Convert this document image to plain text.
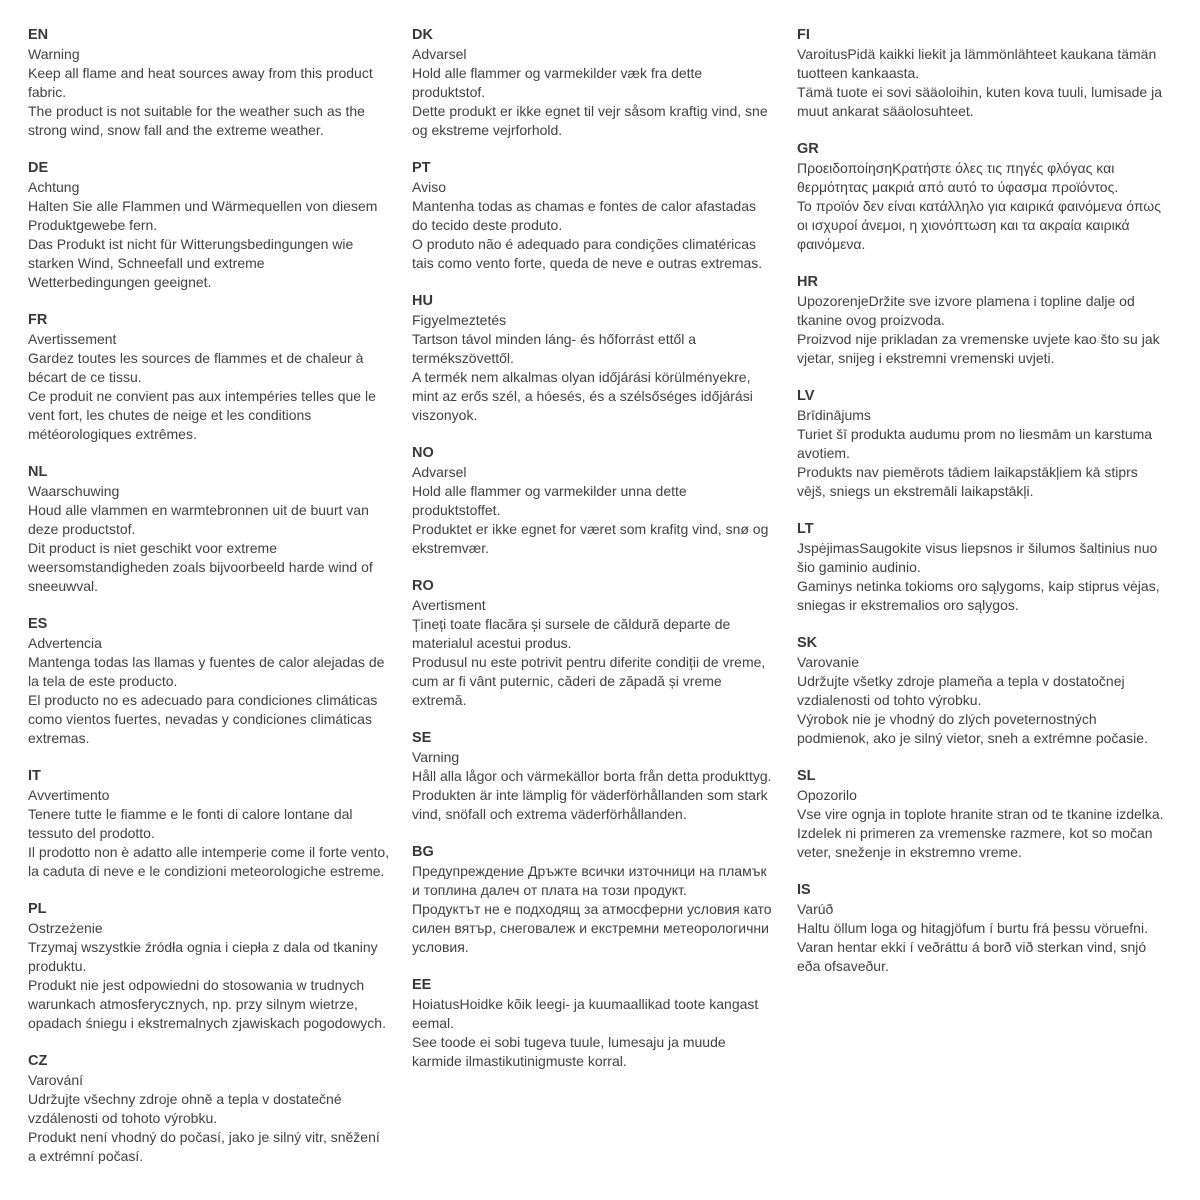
EN
Warning
Keep all flame and heat sources away from this product fabric.
The product is not suitable for the weather such as the strong wind, snow fall and the extreme weather.
DE
Achtung
Halten Sie alle Flammen und Wärmequellen von diesem Produktgewebe fern.
Das Produkt ist nicht für Witterungsbedingungen wie starken Wind, Schneefall und extreme Wetterbedingungen geeignet.
FR
Avertissement
Gardez toutes les sources de flammes et de chaleur à bécart de ce tissu.
Ce produit ne convient pas aux intempéries telles que le vent fort, les chutes de neige et les conditions météorologiques extrêmes.
NL
Waarschuwing
Houd alle vlammen en warmtebronnen uit de buurt van deze productstof.
Dit product is niet geschikt voor extreme weersomstandigheden zoals bijvoorbeeld harde wind of sneeuwval.
ES
Advertencia
Mantenga todas las llamas y fuentes de calor alejadas de la tela de este producto.
El producto no es adecuado para condiciones climáticas como vientos fuertes, nevadas y condiciones climáticas extremas.
IT
Avvertimento
Tenere tutte le fiamme e le fonti di calore lontane dal tessuto del prodotto.
Il prodotto non è adatto alle intemperie come il forte vento, la caduta di neve e le condizioni meteorologiche estreme.
PL
Ostrzeżenie
Trzymaj wszystkie źródła ognia i ciepła z dala od tkaniny produktu.
Produkt nie jest odpowiedni do stosowania w trudnych warunkach atmosferycznych, np. przy silnym wietrze, opadach śniegu i ekstremalnych zjawiskach pogodowych.
CZ
Varování
Udržujte všechny zdroje ohně a tepla v dostatečné vzdálenosti od tohoto výrobku.
Produkt není vhodný do počasí, jako je silný vitr, sněžení a extrémní počasí.
DK
Advarsel
Hold alle flammer og varmekilder væk fra dette produktstof.
Dette produkt er ikke egnet til vejr såsom kraftig vind, sne og ekstreme vejrforhold.
PT
Aviso
Mantenha todas as chamas e fontes de calor afastadas do tecido deste produto.
O produto não é adequado para condições climatéricas tais como vento forte, queda de neve e outras extremas.
HU
Figyelmeztetés
Tartson távol minden láng- és hőforrást ettől a termékszövettől.
A termék nem alkalmas olyan időjárási körülményekre, mint az erős szél, a hóesés, és a szélsőséges időjárási viszonyok.
NO
Advarsel
Hold alle flammer og varmekilder unna dette produktstoffet.
Produktet er ikke egnet for været som krafitg vind, snø og ekstremvær.
RO
Avertisment
Țineți toate flacăra și sursele de căldură departe de materialul acestui produs.
Produsul nu este potrivit pentru diferite condiții de vreme, cum ar fi vânt puternic, căderi de zăpadă și vreme extremă.
SE
Varning
Håll alla lågor och värmekällor borta från detta produkttyg.
Produkten är inte lämplig för väderförhållanden som stark vind, snöfall och extrema väderförhållanden.
BG
Предупреждение Дръжте всички източници на пламък и топлина далеч от плата на този продукт.
Продуктът не е подходящ за атмосферни условия като силен вятър, снеговалеж и екстремни метеорологични условия.
EE
HoiatusHoidke kõik leegi- ja kuumaallikad toote kangast eemal.
See toode ei sobi tugeva tuule, lumesaju ja muude karmide ilmastikutinigmuste korral.
FI
VaroitusPidä kaikki liekit ja lämmönlähteet kaukana tämän tuotteen kankaasta.
Tämä tuote ei sovi sääoloihin, kuten kova tuuli, lumisade ja muut ankarat sääolosuhteet.
GR
ΠροειδοποίησηΚρατήστε όλες τις πηγές φλόγας και θερμότητας μακριά από αυτό το ύφασμα προϊόντος.
Το προϊόν δεν είναι κατάλληλο για καιρικά φαινόμενα όπως οι ισχυροί άνεμοι, η χιονόπτωση και τα ακραία καιρικά φαινόμενα.
HR
UpozorenjeDržite sve izvore plamena i topline dalje od tkanine ovog proizvoda.
Proizvod nije prikladan za vremenske uvjete kao što su jak vjetar, snijeg i ekstremni vremenski uvjeti.
LV
Brīdinājums
Turiet šī produkta audumu prom no liesmām un karstuma avotiem.
Produkts nav piemērots tādiem laikapstākļiem kā stiprs vējš, sniegs un ekstremāli laikapstākļi.
LT
JspėjimasSaugokite visus liepsnos ir šilumos šaltinius nuo šio gaminio audinio.
Gaminys netinka tokioms oro sąlygoms, kaip stiprus vėjas, sniegas ir ekstremalios oro sąlygos.
SK
Varovanie
Udržujte všetky zdroje plameňa a tepla v dostatočnej vzdialenosti od tohto výrobku.
Výrobok nie je vhodný do zlých poveternostných podmienok, ako je silný vietor, sneh a extrémne počasie.
SL
Opozorilo
Vse vire ognja in toplote hranite stran od te tkanine izdelka.
Izdelek ni primeren za vremenske razmere, kot so močan veter, sneženje in ekstremno vreme.
IS
Varúð
Haltu öllum loga og hitagjöfum í burtu frá þessu vöruefni.
Varan hentar ekki í veðráttu á borð við sterkan vind, snjó eða ofsaveður.
